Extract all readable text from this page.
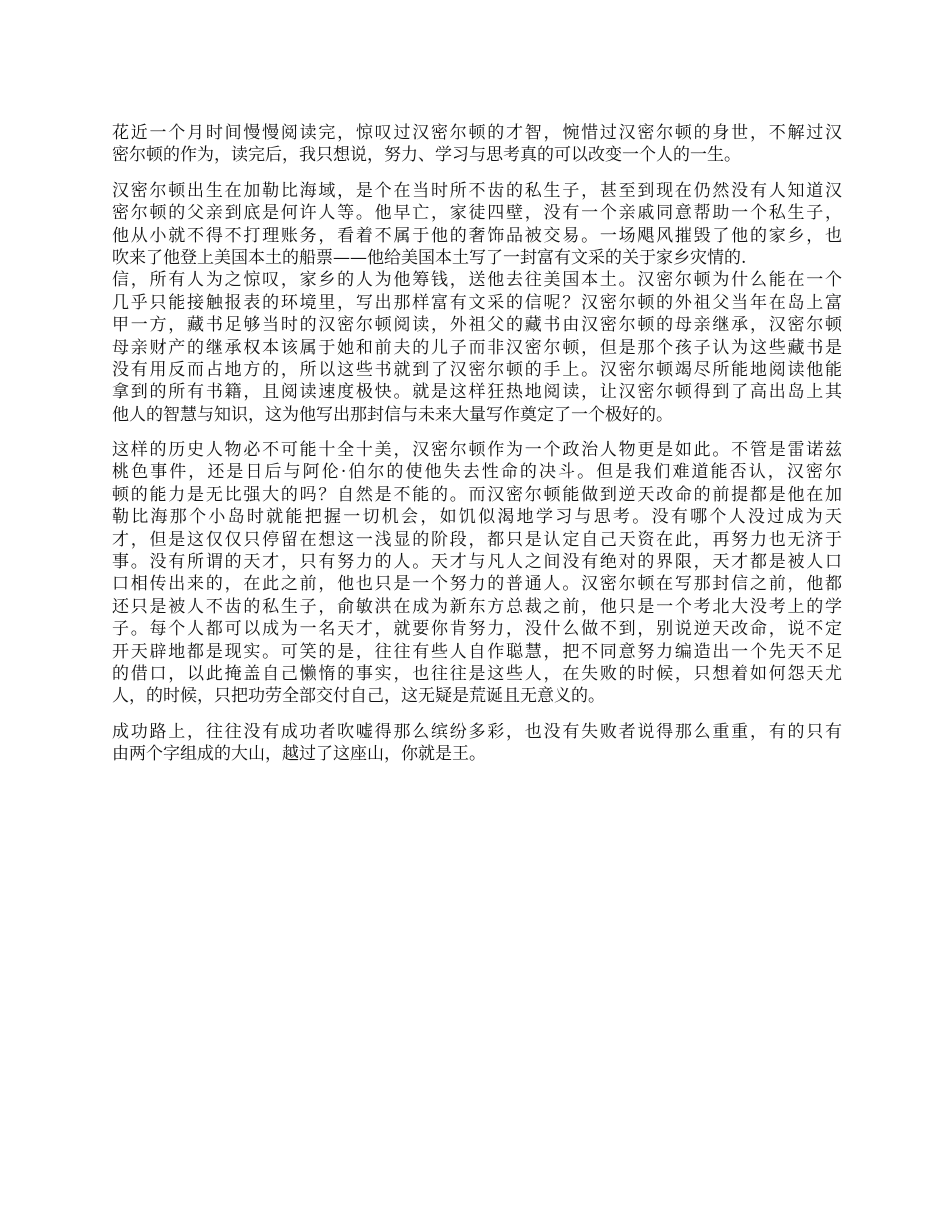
花近一个月时间慢慢阅读完，惊叹过汉密尔顿的才智，惋惜过汉密尔顿的身世，不解过汉
密尔顿的作为，读完后，我只想说，努力、学习与思考真的可以改变一个人的一生。
汉密尔顿出生在加勒比海域，是个在当时所不齿的私生子，甚至到现在仍然没有人知道汉
密尔顿的父亲到底是何许人等。他早亡，家徒四壁，没有一个亲戚同意帮助一个私生子，
他从小就不得不打理账务，看着不属于他的奢饰品被交易。一场飓风摧毁了他的家乡，也
吹来了他登上美国本土的船票——他给美国本土写了一封富有文采的关于家乡灾情的.
信，所有人为之惊叹，家乡的人为他筹钱，送他去往美国本土。汉密尔顿为什么能在一个
几乎只能接触报表的环境里，写出那样富有文采的信呢？汉密尔顿的外祖父当年在岛上富
甲一方，藏书足够当时的汉密尔顿阅读，外祖父的藏书由汉密尔顿的母亲继承，汉密尔顿
母亲财产的继承权本该属于她和前夫的儿子而非汉密尔顿，但是那个孩子认为这些藏书是
没有用反而占地方的，所以这些书就到了汉密尔顿的手上。汉密尔顿竭尽所能地阅读他能
拿到的所有书籍，且阅读速度极快。就是这样狂热地阅读，让汉密尔顿得到了高出岛上其
他人的智慧与知识，这为他写出那封信与未来大量写作奠定了一个极好的。
这样的历史人物必不可能十全十美，汉密尔顿作为一个政治人物更是如此。不管是雷诺兹
桃色事件，还是日后与阿伦·伯尔的使他失去性命的决斗。但是我们难道能否认，汉密尔
顿的能力是无比强大的吗？自然是不能的。而汉密尔顿能做到逆天改命的前提都是他在加
勒比海那个小岛时就能把握一切机会，如饥似渴地学习与思考。没有哪个人没过成为天
才，但是这仅仅只停留在想这一浅显的阶段，都只是认定自己天资在此，再努力也无济于
事。没有所谓的天才，只有努力的人。天才与凡人之间没有绝对的界限，天才都是被人口
口相传出来的，在此之前，他也只是一个努力的普通人。汉密尔顿在写那封信之前，他都
还只是被人不齿的私生子，俞敏洪在成为新东方总裁之前，他只是一个考北大没考上的学
子。每个人都可以成为一名天才，就要你肯努力，没什么做不到，别说逆天改命，说不定
开天辟地都是现实。可笑的是，往往有些人自作聪慧，把不同意努力编造出一个先天不足
的借口，以此掩盖自己懒惰的事实，也往往是这些人，在失败的时候，只想着如何怨天尤
人，的时候，只把功劳全部交付自己，这无疑是荒诞且无意义的。
成功路上，往往没有成功者吹嘘得那么缤纷多彩，也没有失败者说得那么重重，有的只有
由两个字组成的大山，越过了这座山，你就是王。
